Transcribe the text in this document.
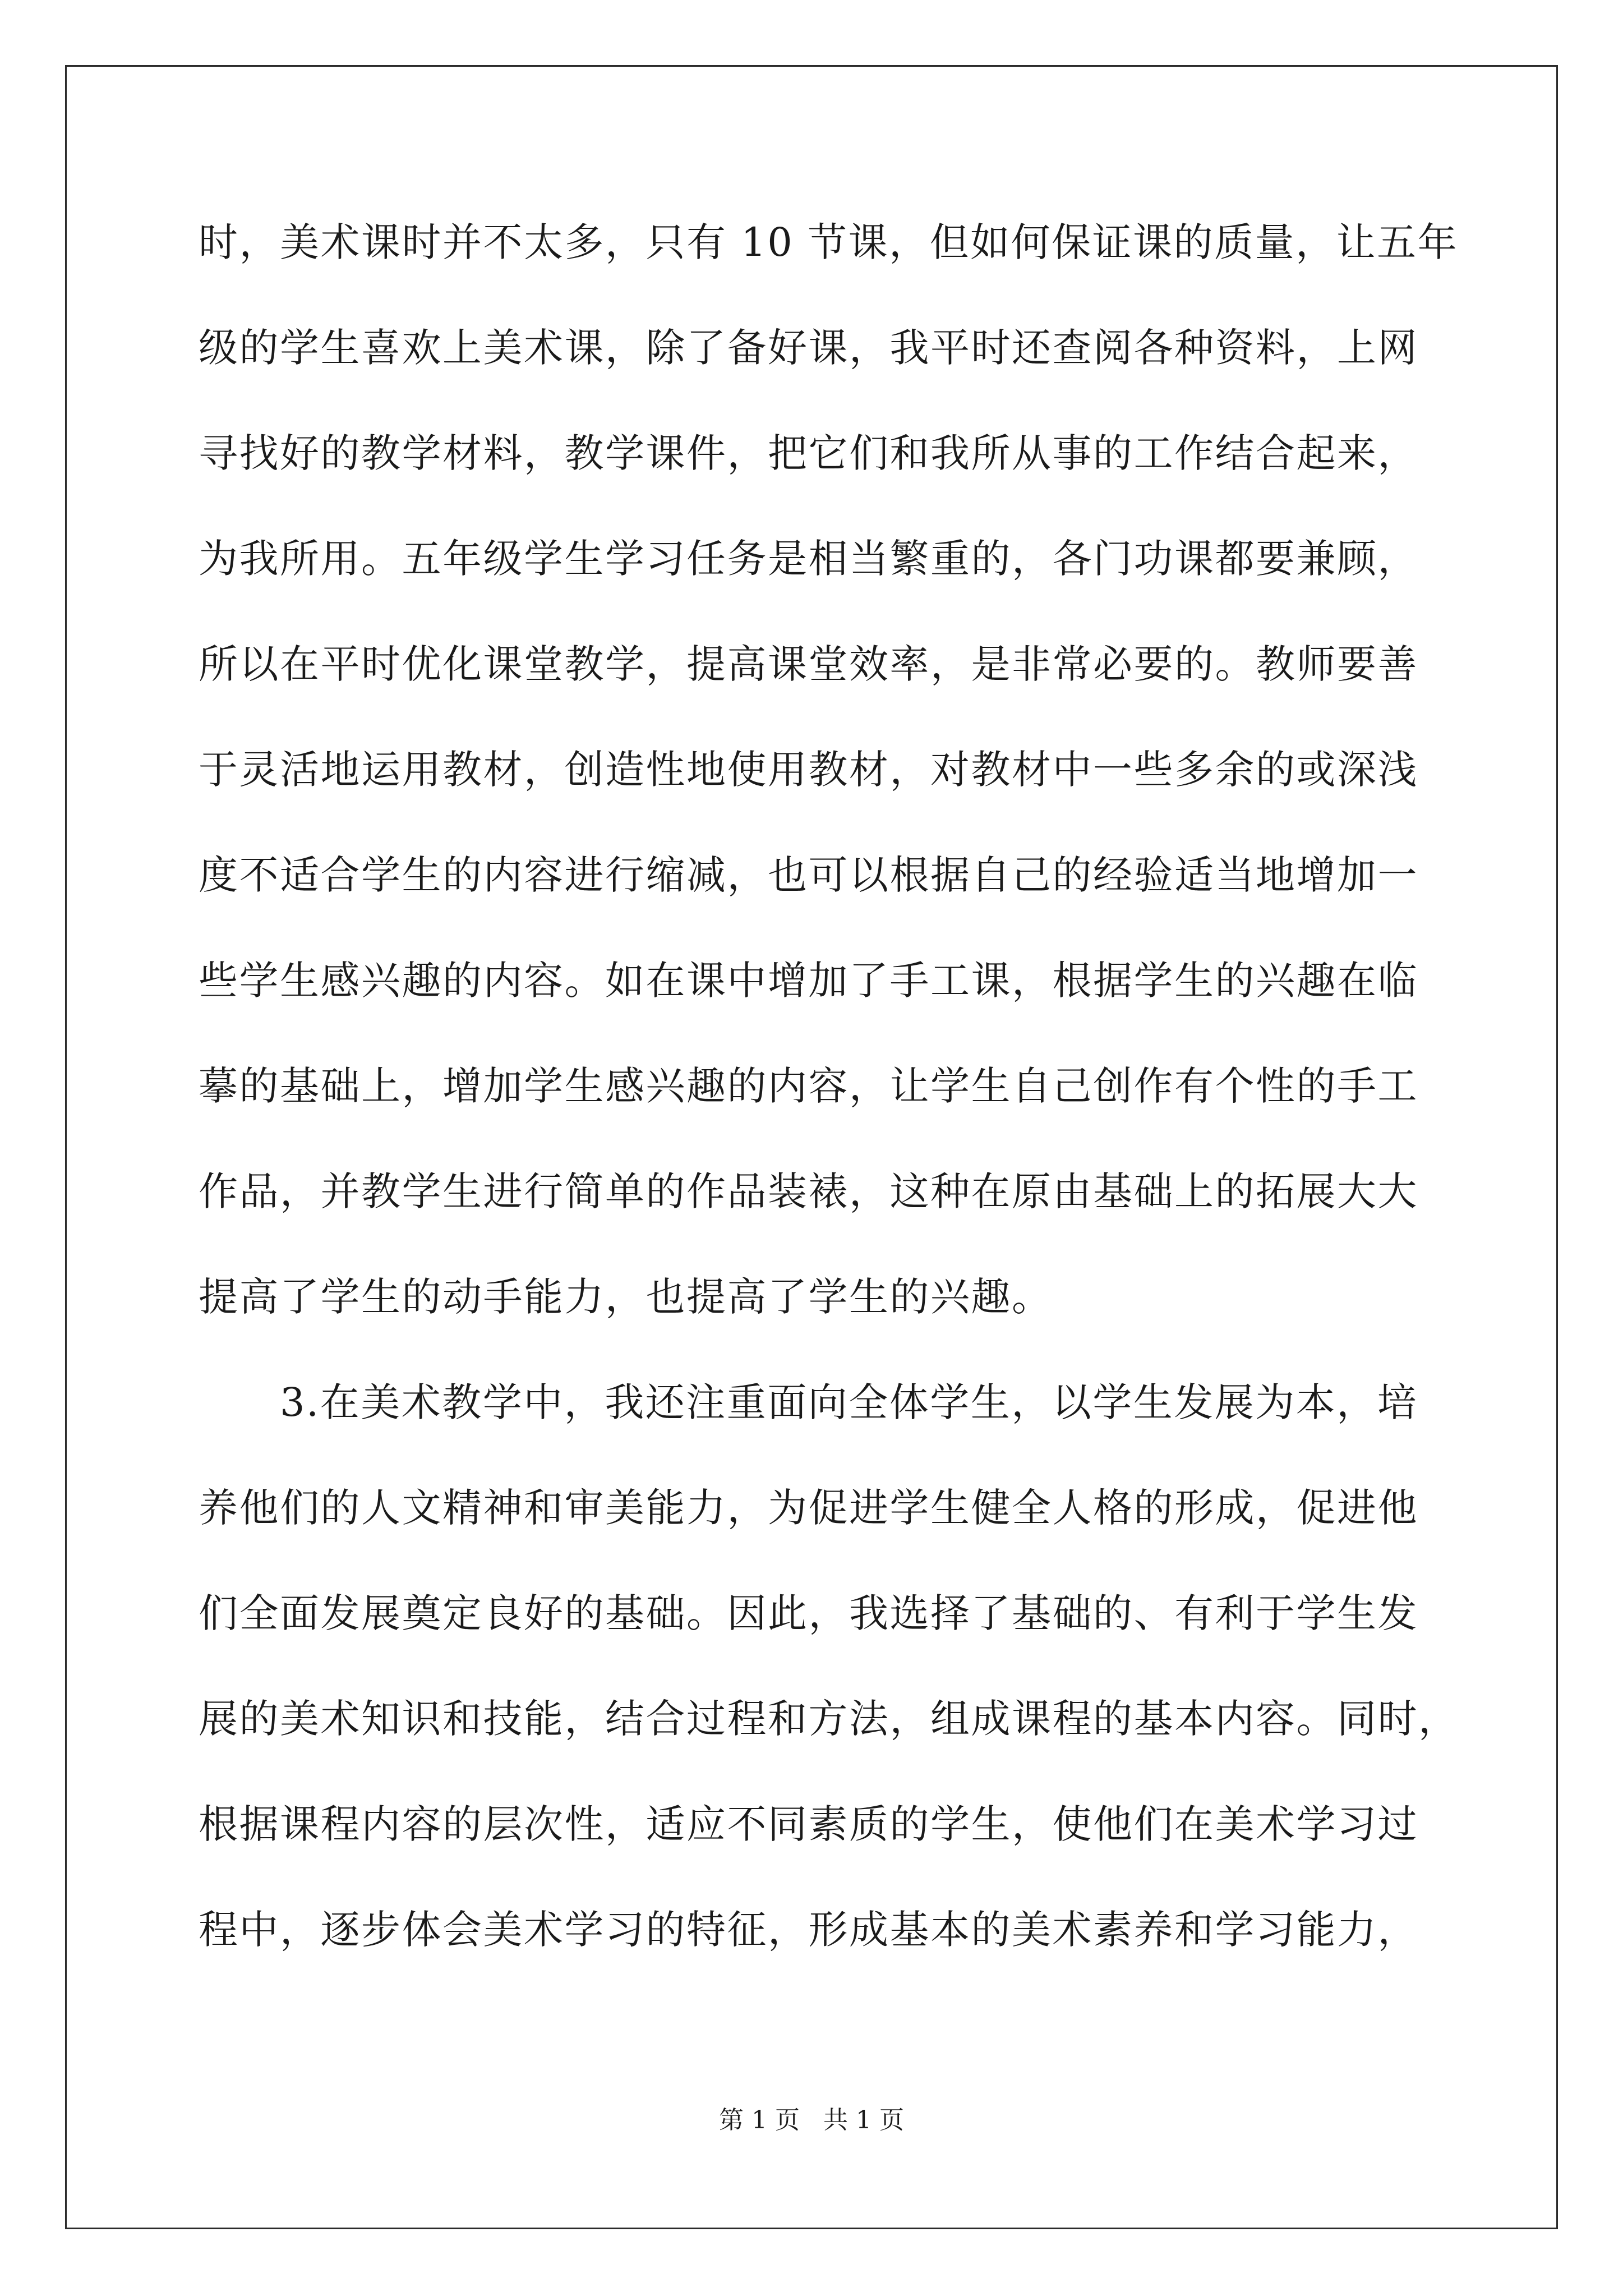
时，美术课时并不太多，只有 10 节课，但如何保证课的质量，让五年
级的学生喜欢上美术课，除了备好课，我平时还查阅各种资料，上网
寻找好的教学材料，教学课件，把它们和我所从事的工作结合起来，
为我所用。五年级学生学习任务是相当繁重的，各门功课都要兼顾，
所以在平时优化课堂教学，提高课堂效率，是非常必要的。教师要善
于灵活地运用教材，创造性地使用教材，对教材中一些多余的或深浅
度不适合学生的内容进行缩减，也可以根据自己的经验适当地增加一
些学生感兴趣的内容。如在课中增加了手工课，根据学生的兴趣在临
摹的基础上，增加学生感兴趣的内容，让学生自己创作有个性的手工
作品，并教学生进行简单的作品装裱，这种在原由基础上的拓展大大
提高了学生的动手能力，也提高了学生的兴趣。
　　3.在美术教学中，我还注重面向全体学生，以学生发展为本，培
养他们的人文精神和审美能力，为促进学生健全人格的形成，促进他
们全面发展奠定良好的基础。因此，我选择了基础的、有利于学生发
展的美术知识和技能，结合过程和方法，组成课程的基本内容。同时，
根据课程内容的层次性，适应不同素质的学生，使他们在美术学习过
程中，逐步体会美术学习的特征，形成基本的美术素养和学习能力，
第 1 页   共 1 页
